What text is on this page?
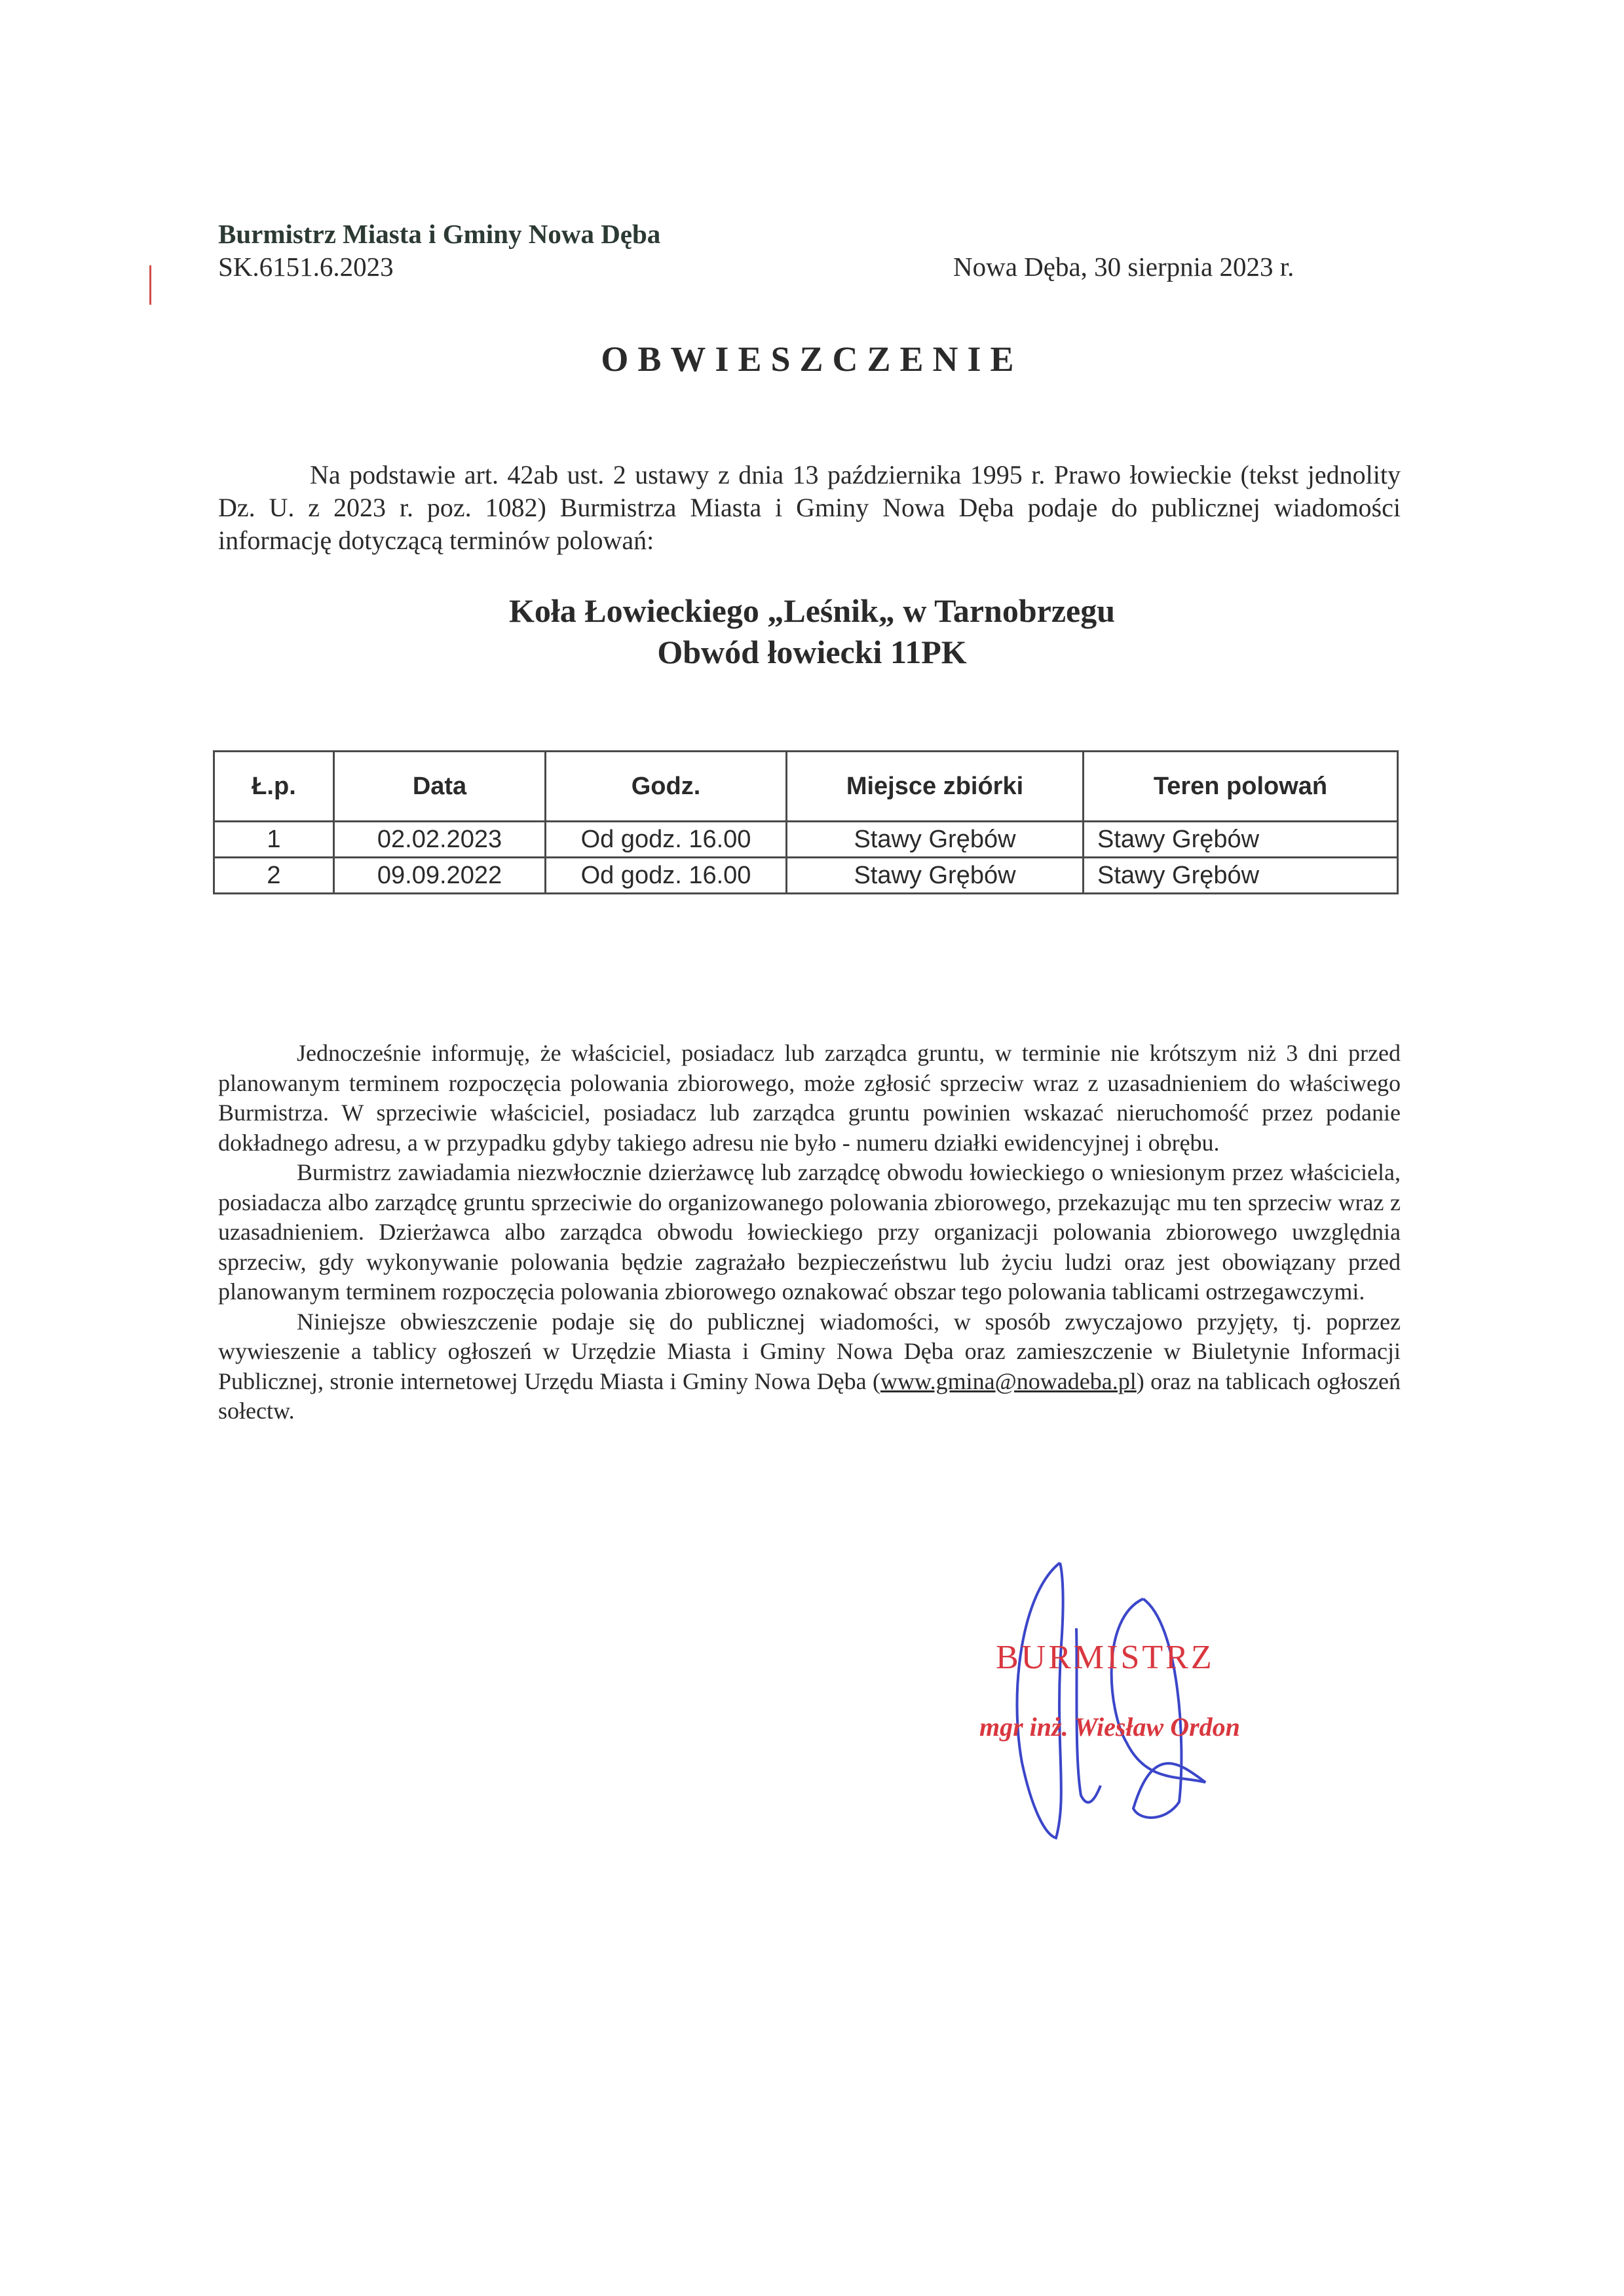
Burmistrz Miasta i Gminy Nowa Dęba
SK.6151.6.2023	Nowa Dęba, 30 sierpnia 2023 r.
OBWIESZCZENIE
Na podstawie art. 42ab ust. 2 ustawy z dnia 13 października 1995 r. Prawo łowieckie (tekst jednolity Dz. U. z 2023 r. poz. 1082) Burmistrza Miasta i Gminy Nowa Dęba podaje do publicznej wiadomości informację dotyczącą terminów polowań:
Koła Łowieckiego „Leśnik„ w Tarnobrzegu
Obwód łowiecki 11PK
Ł.p.	Data	Godz.	Miejsce zbiórki	Teren polowań
1	02.02.2023	Od godz. 16.00	Stawy Grębów	Stawy Grębów
2	09.09.2022	Od godz. 16.00	Stawy Grębów	Stawy Grębów

Jednocześnie informuję, że właściciel, posiadacz lub zarządca gruntu, w terminie nie krótszym niż 3 dni przed planowanym terminem rozpoczęcia polowania zbiorowego, może zgłosić sprzeciw wraz z uzasadnieniem do właściwego Burmistrza. W sprzeciwie właściciel, posiadacz lub zarządca gruntu powinien wskazać nieruchomość przez podanie dokładnego adresu, a w przypadku gdyby takiego adresu nie było - numeru działki ewidencyjnej i obrębu.

Burmistrz zawiadamia niezwłocznie dzierżawcę lub zarządcę obwodu łowieckiego o wniesionym przez właściciela, posiadacza albo zarządcę gruntu sprzeciwie do organizowanego polowania zbiorowego, przekazując mu ten sprzeciw wraz z uzasadnieniem. Dzierżawca albo zarządca obwodu łowieckiego przy organizacji polowania zbiorowego uwzględnia sprzeciw, gdy wykonywanie polowania będzie zagrażało bezpieczeństwu lub życiu ludzi oraz jest obowiązany przed planowanym terminem rozpoczęcia polowania zbiorowego oznakować obszar tego polowania tablicami ostrzegawczymi.

Niniejsze obwieszczenie podaje się do publicznej wiadomości, w sposób zwyczajowo przyjęty, tj. poprzez wywieszenie a tablicy ogłoszeń w Urzędzie Miasta i Gminy Nowa Dęba oraz zamieszczenie w Biuletynie Informacji Publicznej, stronie internetowej Urzędu Miasta i Gminy Nowa Dęba (www.gmina@nowadeba.pl) oraz na tablicach ogłoszeń sołectw.

BURMISTRZ
mgr inż. Wiesław Ordon
